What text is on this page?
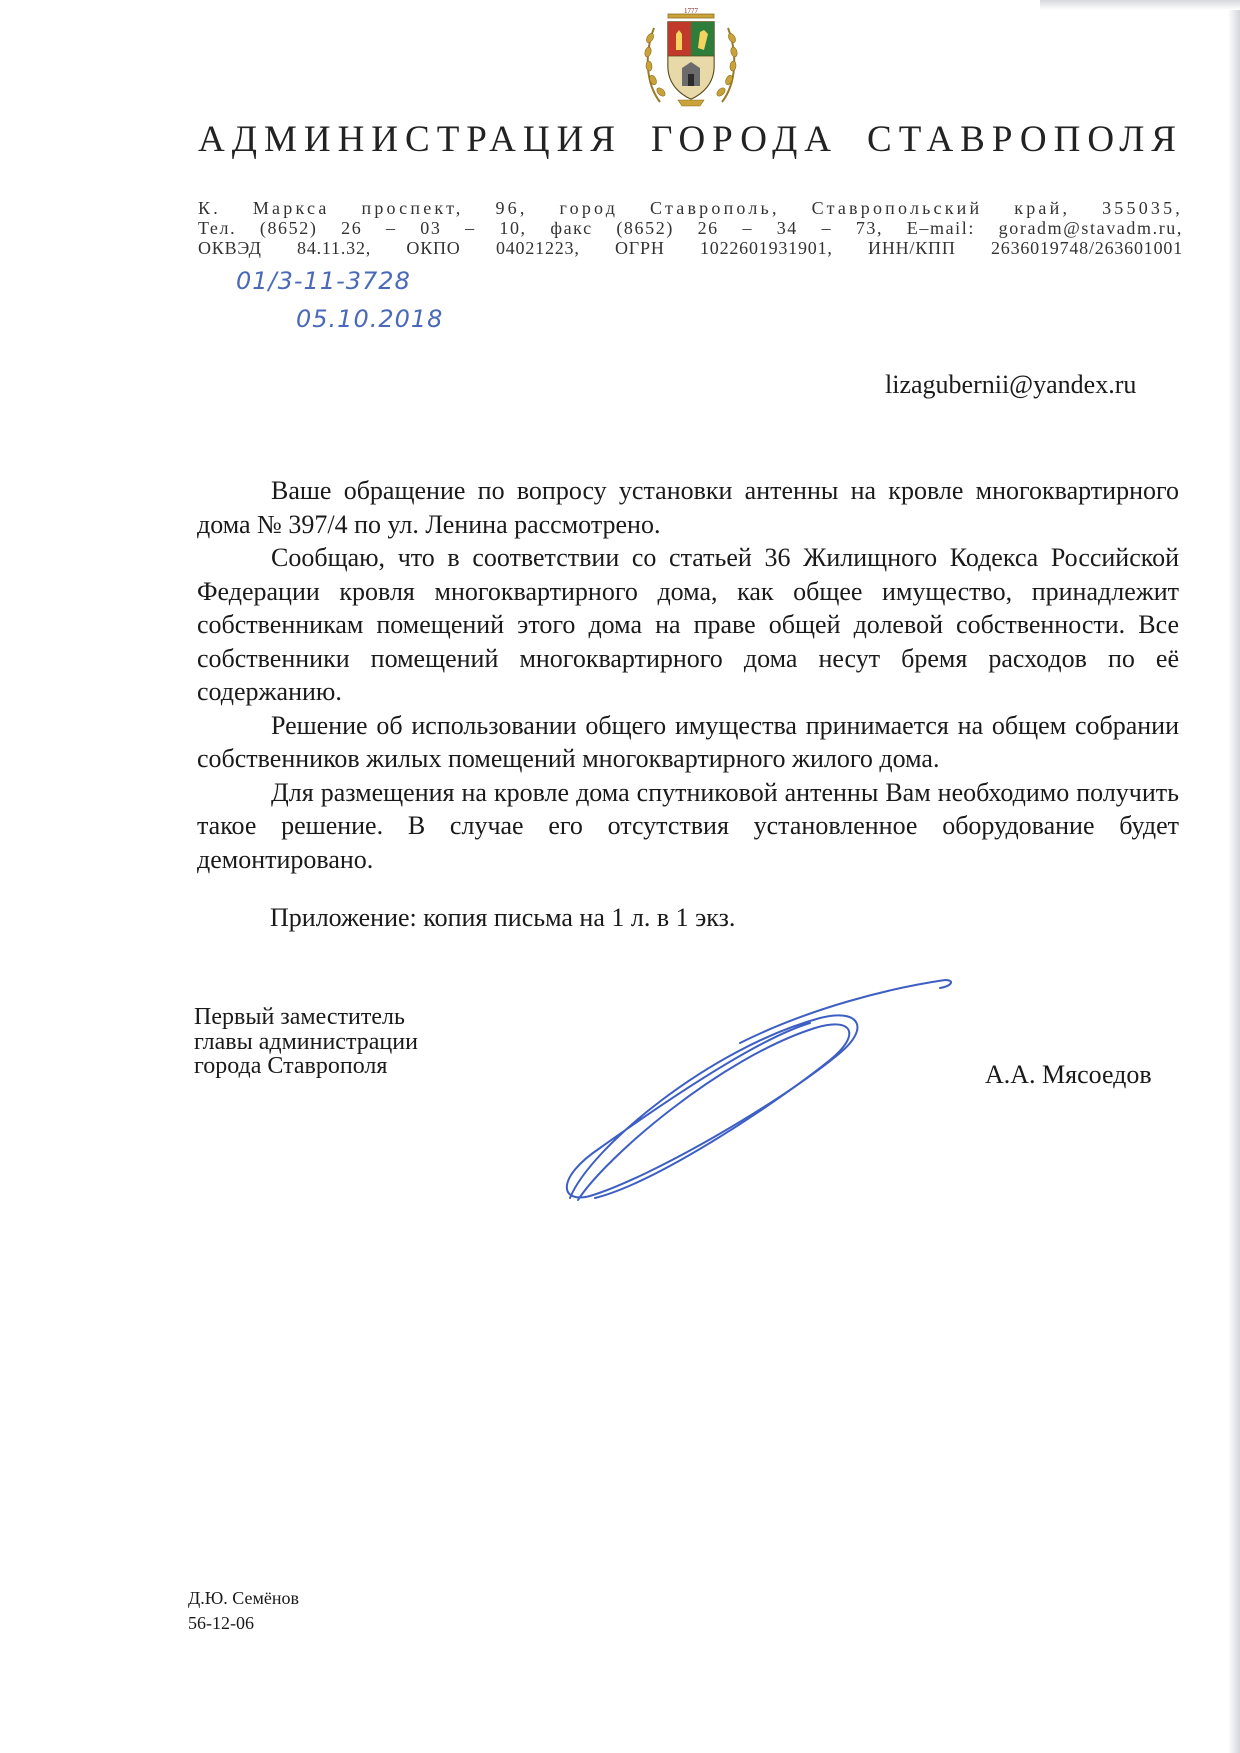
1777
АДМИНИСТРАЦИЯ ГОРОДА СТАВРОПОЛЯ
К. Маркса проспект, 96, город Ставрополь, Ставропольский край, 355035,
Тел. (8652) 26 – 03 – 10, факс (8652) 26 – 34 – 73, E–mail: goradm@stavadm.ru,
ОКВЭД 84.11.32, ОКПО 04021223, ОГРН 1022601931901, ИНН/КПП 2636019748/263601001
01/3-11-3728
05.10.2018
lizagubernii@yandex.ru

Ваше обращение по вопросу установки антенны на кровле многоквартирного дома № 397/4 по ул. Ленина рассмотрено.

Сообщаю, что в соответствии со статьей 36 Жилищного Кодекса Российской Федерации кровля многоквартирного дома, как общее имущество, принадлежит собственникам помещений этого дома на праве общей долевой собственности. Все собственники помещений многоквартирного дома несут бремя расходов по её содержанию.

Решение об использовании общего имущества принимается на общем собрании собственников жилых помещений многоквартирного жилого дома.

Для размещения на кровле дома спутниковой антенны Вам необходимо получить такое решение. В случае его отсутствия установленное оборудование будет демонтировано.

Приложение: копия письма на 1 л. в 1 экз.
Первый заместитель
главы администрации
города Ставрополя	А.А. Мясоедов
Д.Ю. Семёнов
56-12-06
